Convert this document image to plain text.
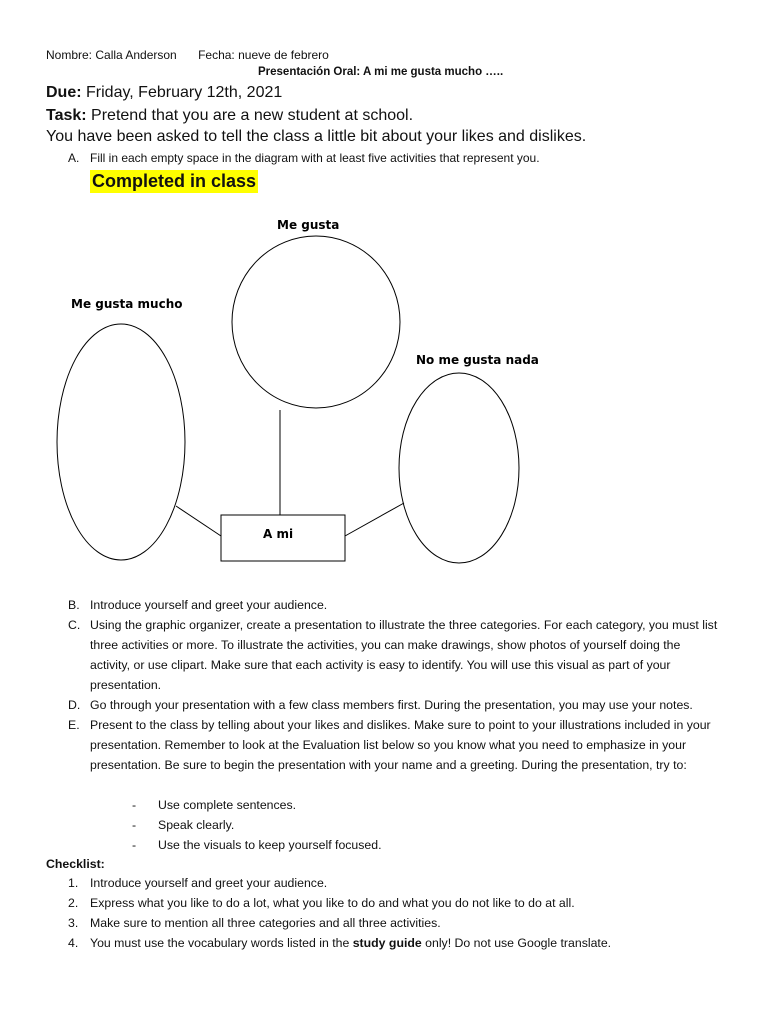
Nombre: Calla Anderson Fecha: nueve de febrero
Presentación Oral: A mi me gusta mucho …..
Due: Friday, February 12th, 2021
Task: Pretend that you are a new student at school.
You have been asked to tell the class a little bit about your likes and dislikes.
A. Fill in each empty space in the diagram with at least five activities that represent you.
Completed in class
Me gusta
Me gusta mucho
No me gusta nada
A mi
B. Introduce yourself and greet your audience.
C. Using the graphic organizer, create a presentation to illustrate the three categories. For each category, you must list three activities or more. To illustrate the activities, you can make drawings, show photos of yourself doing the activity, or use clipart. Make sure that each activity is easy to identify. You will use this visual as part of your presentation.
D. Go through your presentation with a few class members first. During the presentation, you may use your notes.
E. Present to the class by telling about your likes and dislikes. Make sure to point to your illustrations included in your presentation. Remember to look at the Evaluation list below so you know what you need to emphasize in your presentation. Be sure to begin the presentation with your name and a greeting. During the presentation, try to:
- Use complete sentences.
- Speak clearly.
- Use the visuals to keep yourself focused.
Checklist:
1. Introduce yourself and greet your audience.
2. Express what you like to do a lot, what you like to do and what you do not like to do at all.
3. Make sure to mention all three categories and all three activities.
4. You must use the vocabulary words listed in the study guide only! Do not use Google translate.
